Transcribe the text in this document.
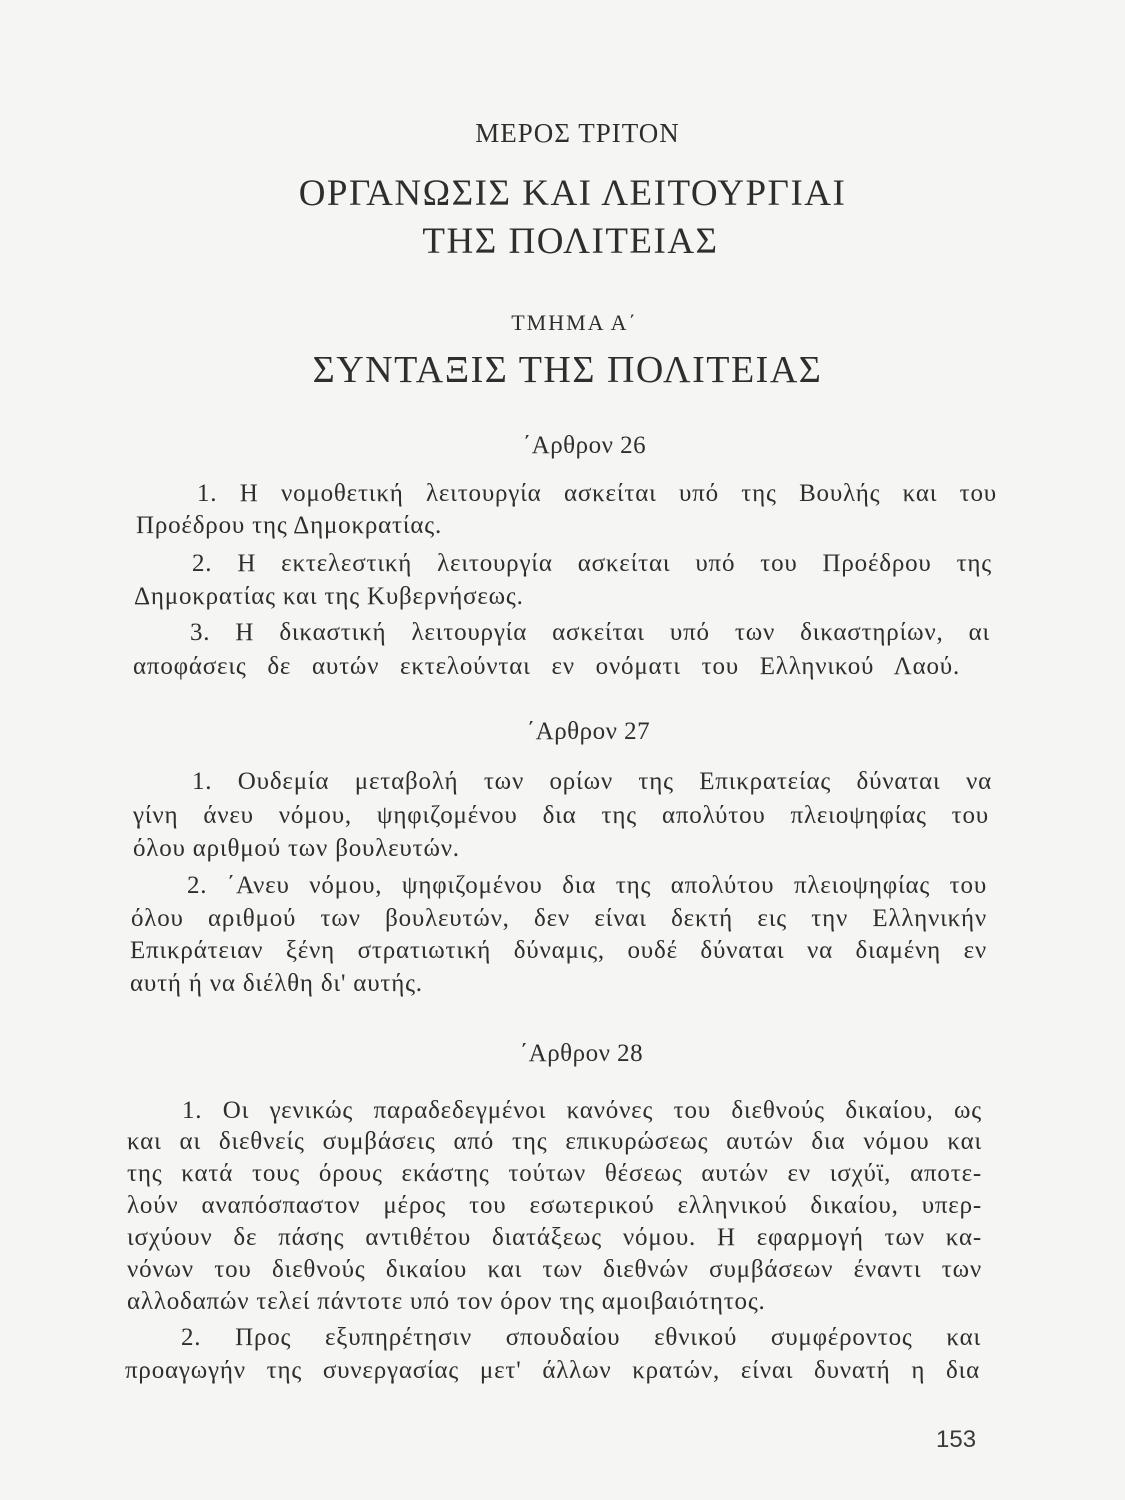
ΜΕΡΟΣ ΤΡΙΤΟΝ
ΟΡΓΑΝΩΣΙΣ ΚΑΙ ΛΕΙΤΟΥΡΓΙΑΙ
ΤΗΣ ΠΟΛΙΤΕΙΑΣ
ΤΜΗΜΑ Α΄
ΣΥΝΤΑΞΙΣ ΤΗΣ ΠΟΛΙΤΕΙΑΣ
΄Αρθρον 26
1. Η νομοθετική λειτουργία ασκείται υπό της Βουλής και του
Προέδρου της Δημοκρατίας.
2. Η εκτελεστική λειτουργία ασκείται υπό του Προέδρου της
Δημοκρατίας και της Κυβερνήσεως.
3. Η δικαστική λειτουργία ασκείται υπό των δικαστηρίων, αι
αποφάσεις δε αυτών εκτελούνται εν ονόματι του Ελληνικού Λαού.
΄Αρθρον 27
1. Ουδεμία μεταβολή των ορίων της Επικρατείας δύναται να
γίνη άνευ νόμου, ψηφιζομένου δια της απολύτου πλειοψηφίας του
όλου αριθμού των βουλευτών.
2. ΄Ανευ νόμου, ψηφιζομένου δια της απολύτου πλειοψηφίας του
όλου αριθμού των βουλευτών, δεν είναι δεκτή εις την Ελληνικήν
Επικράτειαν ξένη στρατιωτική δύναμις, ουδέ δύναται να διαμένη εν
αυτή ή να διέλθη δι' αυτής.
΄Αρθρον 28
1. Οι γενικώς παραδεδεγμένοι κανόνες του διεθνούς δικαίου, ως
και αι διεθνείς συμβάσεις από της επικυρώσεως αυτών δια νόμου και
της κατά τους όρους εκάστης τούτων θέσεως αυτών εν ισχύϊ, αποτε-
λούν αναπόσπαστον μέρος του εσωτερικού ελληνικού δικαίου, υπερ-
ισχύουν δε πάσης αντιθέτου διατάξεως νόμου. Η εφαρμογή των κα-
νόνων του διεθνούς δικαίου και των διεθνών συμβάσεων έναντι των
αλλοδαπών τελεί πάντοτε υπό τον όρον της αμοιβαιότητος.
2. Προς εξυπηρέτησιν σπουδαίου εθνικού συμφέροντος και
προαγωγήν της συνεργασίας μετ' άλλων κρατών, είναι δυνατή η δια
153
